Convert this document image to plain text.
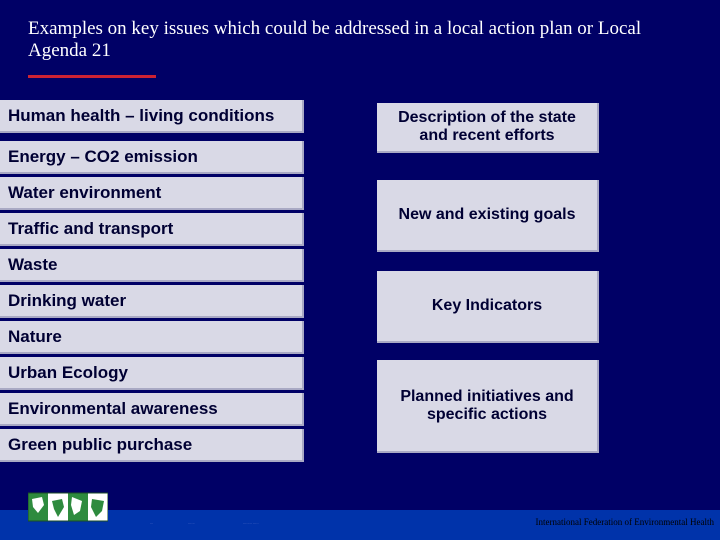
Examples on key issues which could be addressed in a local action plan or Local Agenda 21
Human health – living conditions
Energy – CO2 emission
Water environment
Traffic and transport
Waste
Drinking water
Nature
Urban Ecology
Environmental awareness
Green public purchase
Description of the state and recent efforts
New and existing goals
Key Indicators
Planned initiatives and specific actions
...	......	........ .....	International Federation of Environmental Health
